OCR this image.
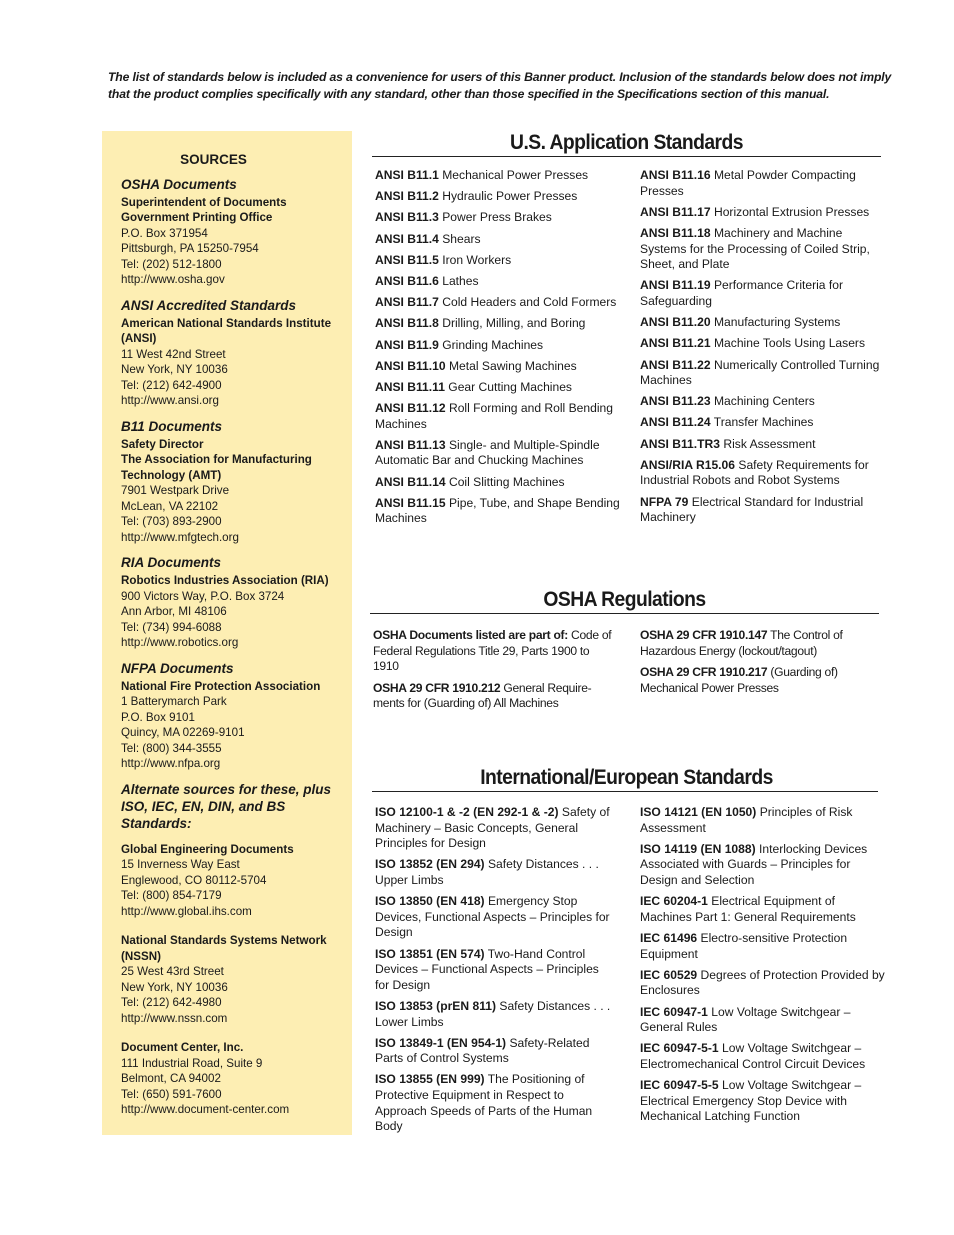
The list of standards below is included as a convenience for users of this Banner product. Inclusion of the standards below does not imply that the product complies specifically with any standard, other than those specified in the Specifications section of this manual.
SOURCES
OSHA Documents
Superintendent of Documents
Government Printing Office
P.O. Box 371954
Pittsburgh, PA 15250-7954
Tel: (202) 512-1800
http://www.osha.gov
ANSI Accredited Standards
American National Standards Institute (ANSI)
11 West 42nd Street
New York, NY 10036
Tel: (212) 642-4900
http://www.ansi.org
B11 Documents
Safety Director
The Association for Manufacturing Technology (AMT)
7901 Westpark Drive
McLean, VA 22102
Tel: (703) 893-2900
http://www.mfgtech.org
RIA Documents
Robotics Industries Association (RIA)
900 Victors Way, P.O. Box 3724
Ann Arbor, MI 48106
Tel: (734) 994-6088
http://www.robotics.org
NFPA Documents
National Fire Protection Association
1 Batterymarch Park
P.O. Box 9101
Quincy, MA 02269-9101
Tel: (800) 344-3555
http://www.nfpa.org
Alternate sources for these, plus ISO, IEC, EN, DIN, and BS Standards:
Global Engineering Documents
15 Inverness Way East
Englewood, CO 80112-5704
Tel: (800) 854-7179
http://www.global.ihs.com
National Standards Systems Network (NSSN)
25 West 43rd Street
New York, NY 10036
Tel: (212) 642-4980
http://www.nssn.com
Document Center, Inc.
111 Industrial Road, Suite 9
Belmont, CA 94002
Tel: (650) 591-7600
http://www.document-center.com
U.S. Application Standards
ANSI B11.1 Mechanical Power Presses
ANSI B11.2 Hydraulic Power Presses
ANSI B11.3 Power Press Brakes
ANSI B11.4 Shears
ANSI B11.5 Iron Workers
ANSI B11.6 Lathes
ANSI B11.7 Cold Headers and Cold Formers
ANSI B11.8 Drilling, Milling, and Boring
ANSI B11.9 Grinding Machines
ANSI B11.10 Metal Sawing Machines
ANSI B11.11 Gear Cutting Machines
ANSI B11.12 Roll Forming and Roll Bending Machines
ANSI B11.13 Single- and Multiple-Spindle Automatic Bar and Chucking Machines
ANSI B11.14 Coil Slitting Machines
ANSI B11.15 Pipe, Tube, and Shape Bending Machines
ANSI B11.16 Metal Powder Compacting Presses
ANSI B11.17 Horizontal Extrusion Presses
ANSI B11.18 Machinery and Machine Systems for the Processing of Coiled Strip, Sheet, and Plate
ANSI B11.19 Performance Criteria for Safeguarding
ANSI B11.20 Manufacturing Systems
ANSI B11.21 Machine Tools Using Lasers
ANSI B11.22 Numerically Controlled Turning Machines
ANSI B11.23 Machining Centers
ANSI B11.24 Transfer Machines
ANSI B11.TR3 Risk Assessment
ANSI/RIA R15.06 Safety Requirements for Industrial Robots and Robot Systems
NFPA 79 Electrical Standard for Industrial Machinery
OSHA Regulations
OSHA Documents listed are part of: Code of Federal Regulations Title 29, Parts 1900 to 1910
OSHA 29 CFR 1910.212 General Require-ments for (Guarding of) All Machines
OSHA 29 CFR 1910.147 The Control of Hazardous Energy (lockout/tagout)
OSHA 29 CFR 1910.217 (Guarding of) Mechanical Power Presses
International/European Standards
ISO 12100-1 & -2 (EN 292-1 & -2) Safety of Machinery – Basic Concepts, General Principles for Design
ISO 13852 (EN 294) Safety Distances . . . Upper Limbs
ISO 13850 (EN 418) Emergency Stop Devices, Functional Aspects – Principles for Design
ISO 13851 (EN 574) Two-Hand Control Devices – Functional Aspects – Principles for Design
ISO 13853 (prEN 811) Safety Distances . . . Lower Limbs
ISO 13849-1 (EN 954-1) Safety-Related Parts of Control Systems
ISO 13855 (EN 999) The Positioning of Protective Equipment in Respect to Approach Speeds of Parts of the Human Body
ISO 14121 (EN 1050) Principles of Risk Assessment
ISO 14119 (EN 1088) Interlocking Devices Associated with Guards – Principles for Design and Selection
IEC 60204-1 Electrical Equipment of Machines Part 1: General Requirements
IEC 61496 Electro-sensitive Protection Equipment
IEC 60529 Degrees of Protection Provided by Enclosures
IEC 60947-1 Low Voltage Switchgear – General Rules
IEC 60947-5-1 Low Voltage Switchgear – Electromechanical Control Circuit Devices
IEC 60947-5-5 Low Voltage Switchgear – Electrical Emergency Stop Device with Mechanical Latching Function
